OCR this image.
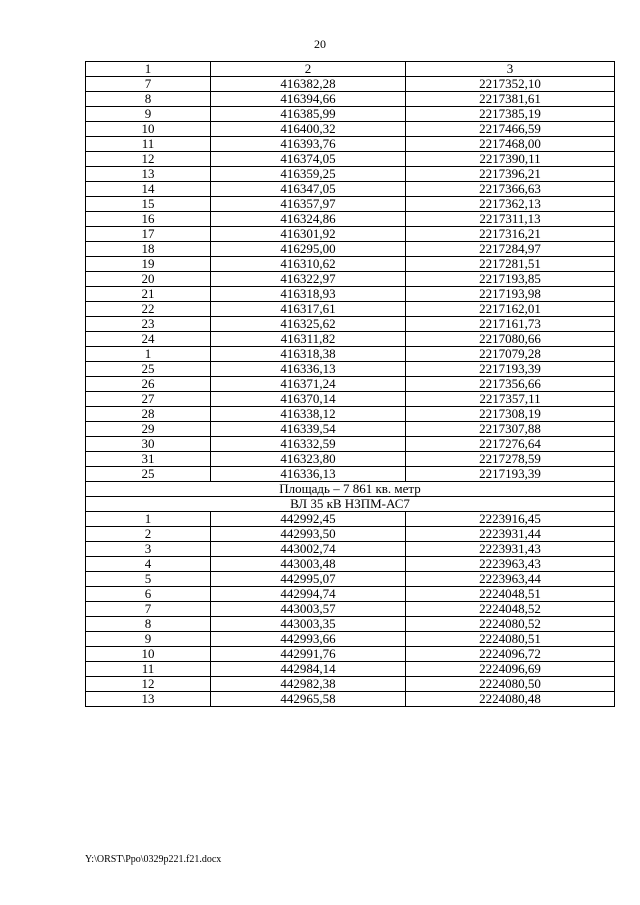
20
1	2	3
7	416382,28	2217352,10
8	416394,66	2217381,61
9	416385,99	2217385,19
10	416400,32	2217466,59
11	416393,76	2217468,00
12	416374,05	2217390,11
13	416359,25	2217396,21
14	416347,05	2217366,63
15	416357,97	2217362,13
16	416324,86	2217311,13
17	416301,92	2217316,21
18	416295,00	2217284,97
19	416310,62	2217281,51
20	416322,97	2217193,85
21	416318,93	2217193,98
22	416317,61	2217162,01
23	416325,62	2217161,73
24	416311,82	2217080,66
1	416318,38	2217079,28
25	416336,13	2217193,39
26	416371,24	2217356,66
27	416370,14	2217357,11
28	416338,12	2217308,19
29	416339,54	2217307,88
30	416332,59	2217276,64
31	416323,80	2217278,59
25	416336,13	2217193,39
Площадь – 7 861 кв. метр		
ВЛ 35 кВ НЗПМ-АС7		
1	442992,45	2223916,45
2	442993,50	2223931,44
3	443002,74	2223931,43
4	443003,48	2223963,43
5	442995,07	2223963,44
6	442994,74	2224048,51
7	443003,57	2224048,52
8	443003,35	2224080,52
9	442993,66	2224080,51
10	442991,76	2224096,72
11	442984,14	2224096,69
12	442982,38	2224080,50
13	442965,58	2224080,48
Y:\ORST\Ppo\0329p221.f21.docx
